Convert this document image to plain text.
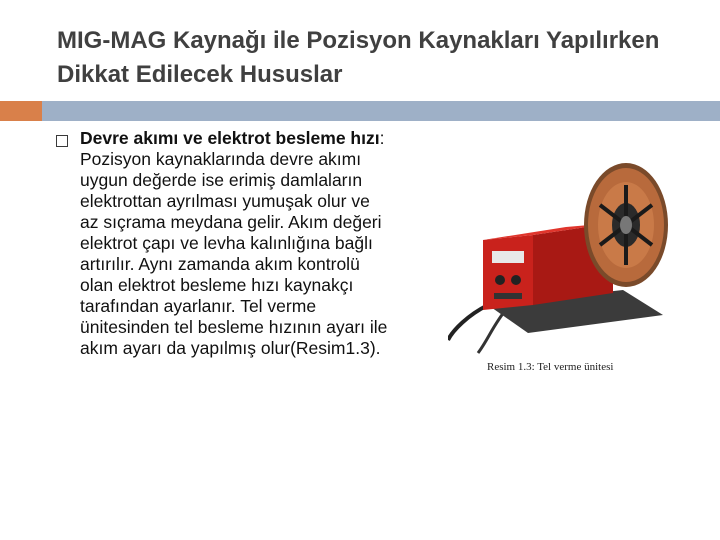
MIG-MAG Kaynağı ile Pozisyon Kaynakları Yapılırken Dikkat Edilecek Hususlar
Devre akımı ve elektrot besleme hızı: Pozisyon kaynaklarında devre akımı uygun değerde ise erimiş damlaların elektrottan ayrılması yumuşak olur ve az sıçrama meydana gelir. Akım değeri elektrot çapı ve levha kalınlığına bağlı artırılır. Aynı zamanda akım kontrolü olan elektrot besleme hızı kaynakçı tarafından ayarlanır. Tel verme ünitesinden tel besleme hızının ayarı ile akım ayarı da yapılmış olur(Resim1.3).
Resim 1.3: Tel verme ünitesi
